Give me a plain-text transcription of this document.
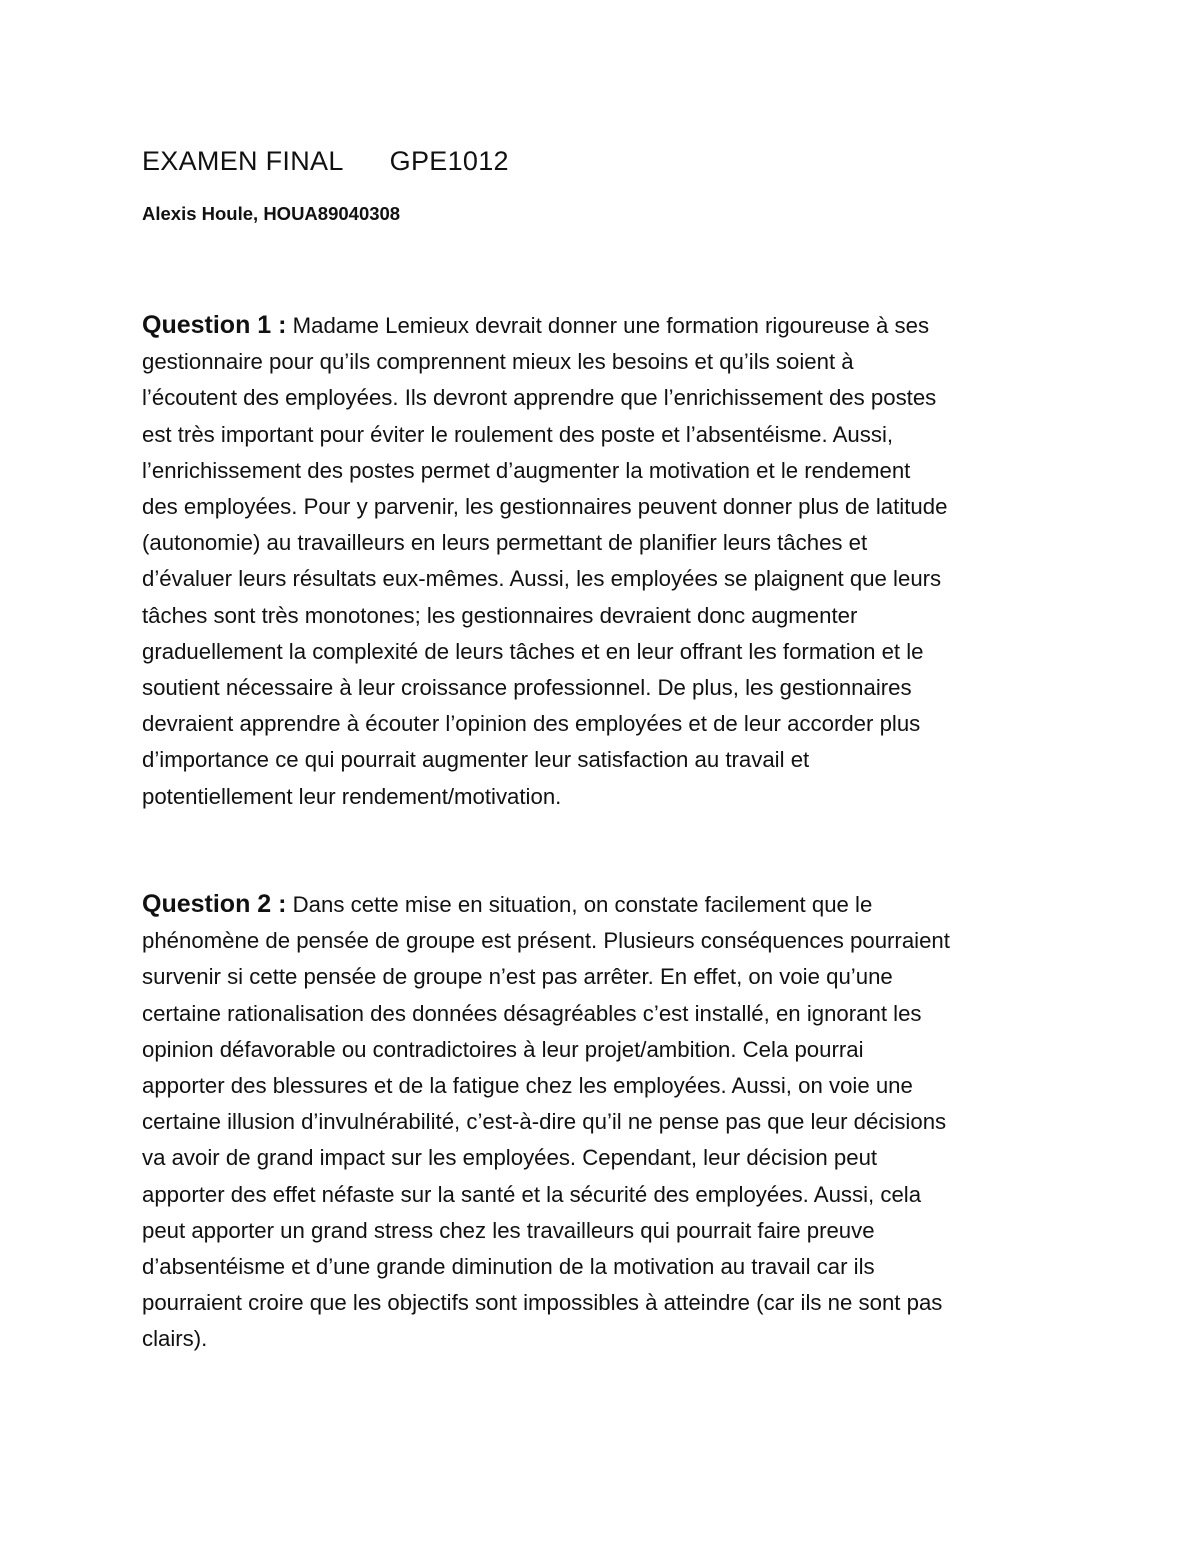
EXAMEN FINAL GPE1012
Alexis Houle, HOUA89040308

Question 1 : Madame Lemieux devrait donner une formation rigoureuse à ses
gestionnaire pour qu’ils comprennent mieux les besoins et qu’ils soient à
l’écoutent des employées. Ils devront apprendre que l’enrichissement des postes
est très important pour éviter le roulement des poste et l’absentéisme. Aussi,
l’enrichissement des postes permet d’augmenter la motivation et le rendement
des employées. Pour y parvenir, les gestionnaires peuvent donner plus de latitude
(autonomie) au travailleurs en leurs permettant de planifier leurs tâches et
d’évaluer leurs résultats eux-mêmes. Aussi, les employées se plaignent que leurs
tâches sont très monotones; les gestionnaires devraient donc augmenter
graduellement la complexité de leurs tâches et en leur offrant les formation et le
soutient nécessaire à leur croissance professionnel. De plus, les gestionnaires
devraient apprendre à écouter l’opinion des employées et de leur accorder plus
d’importance ce qui pourrait augmenter leur satisfaction au travail et
potentiellement leur rendement/motivation.

Question 2 : Dans cette mise en situation, on constate facilement que le
phénomène de pensée de groupe est présent. Plusieurs conséquences pourraient
survenir si cette pensée de groupe n’est pas arrêter. En effet, on voie qu’une
certaine rationalisation des données désagréables c’est installé, en ignorant les
opinion défavorable ou contradictoires à leur projet/ambition. Cela pourrai
apporter des blessures et de la fatigue chez les employées. Aussi, on voie une
certaine illusion d’invulnérabilité, c’est-à-dire qu’il ne pense pas que leur décisions
va avoir de grand impact sur les employées. Cependant, leur décision peut
apporter des effet néfaste sur la santé et la sécurité des employées. Aussi, cela
peut apporter un grand stress chez les travailleurs qui pourrait faire preuve
d’absentéisme et d’une grande diminution de la motivation au travail car ils
pourraient croire que les objectifs sont impossibles à atteindre (car ils ne sont pas
clairs).
